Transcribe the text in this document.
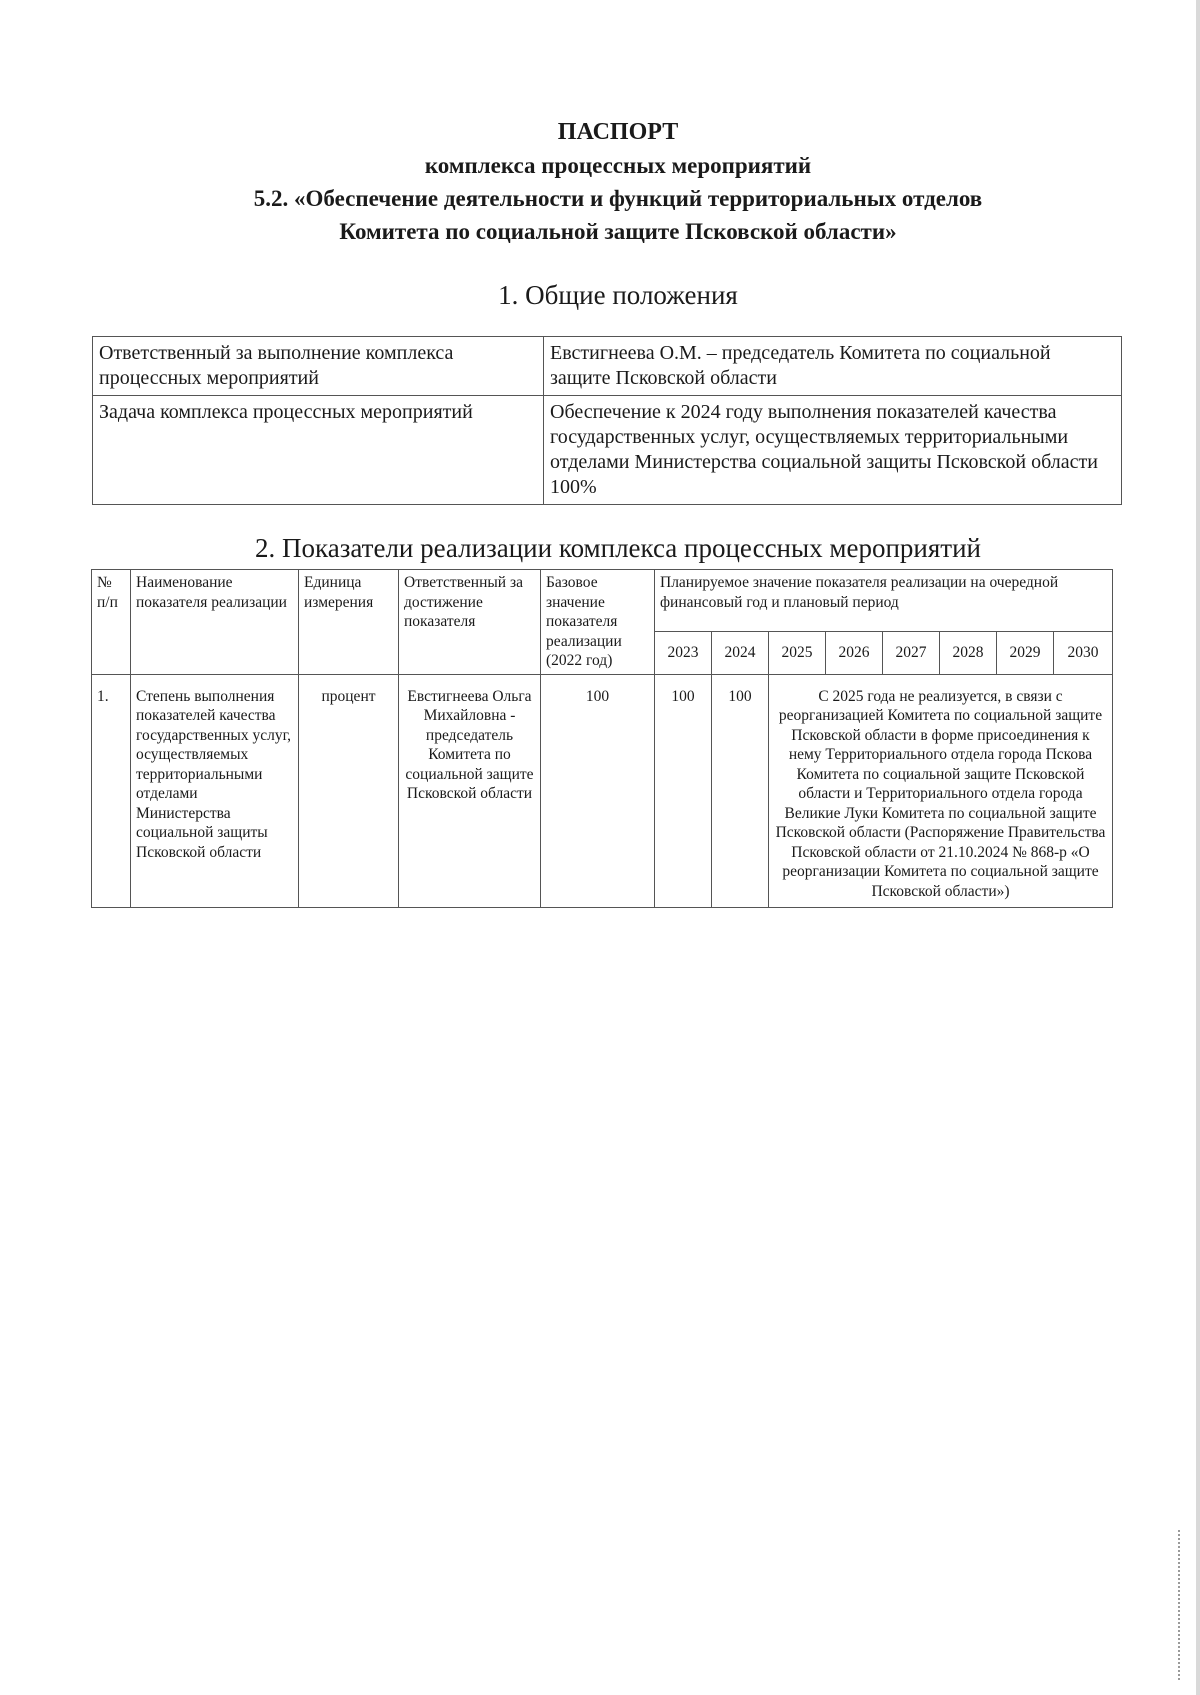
ПАСПОРТ

комплекса процессных мероприятий

5.2. «Обеспечение деятельности и функций территориальных отделов

Комитета по социальной защите Псковской области»

1. Общие положения
Ответственный за выполнение комплекса процессных мероприятий	Евстигнеева О.М. – председатель Комитета по социальной защите Псковской области
Задача комплекса процессных мероприятий	Обеспечение к 2024 году выполнения показателей качества государственных услуг, осуществляемых территориальными отделами Министерства социальной защиты Псковской области 100%
2. Показатели реализации комплекса процессных мероприятий
№ п/п	Наименование показателя реализации	Единица измерения	Ответственный за достижение показателя	Базовое значение показателя реализации (2022 год)	Планируемое значение показателя реализации на очередной финансовый год и плановый период							
					2023	2024	2025	2026	2027	2028	2029	2030
1.	Степень выполнения показателей качества государственных услуг, осуществляемых территориальными отделами Министерства социальной защиты Псковской области	процент	Евстигнеева Ольга Михайловна - председатель Комитета по социальной защите Псковской области	100	100	100	С 2025 года не реализуется, в связи с реорганизацией Комитета по социальной защите Псковской области в форме присоединения к нему Территориального отдела города Пскова Комитета по социальной защите Псковской области и Территориального отдела города Великие Луки Комитета по социальной защите Псковской области (Распоряжение Правительства Псковской области от 21.10.2024 № 868-р «О реорганизации Комитета по социальной защите Псковской области»)					
